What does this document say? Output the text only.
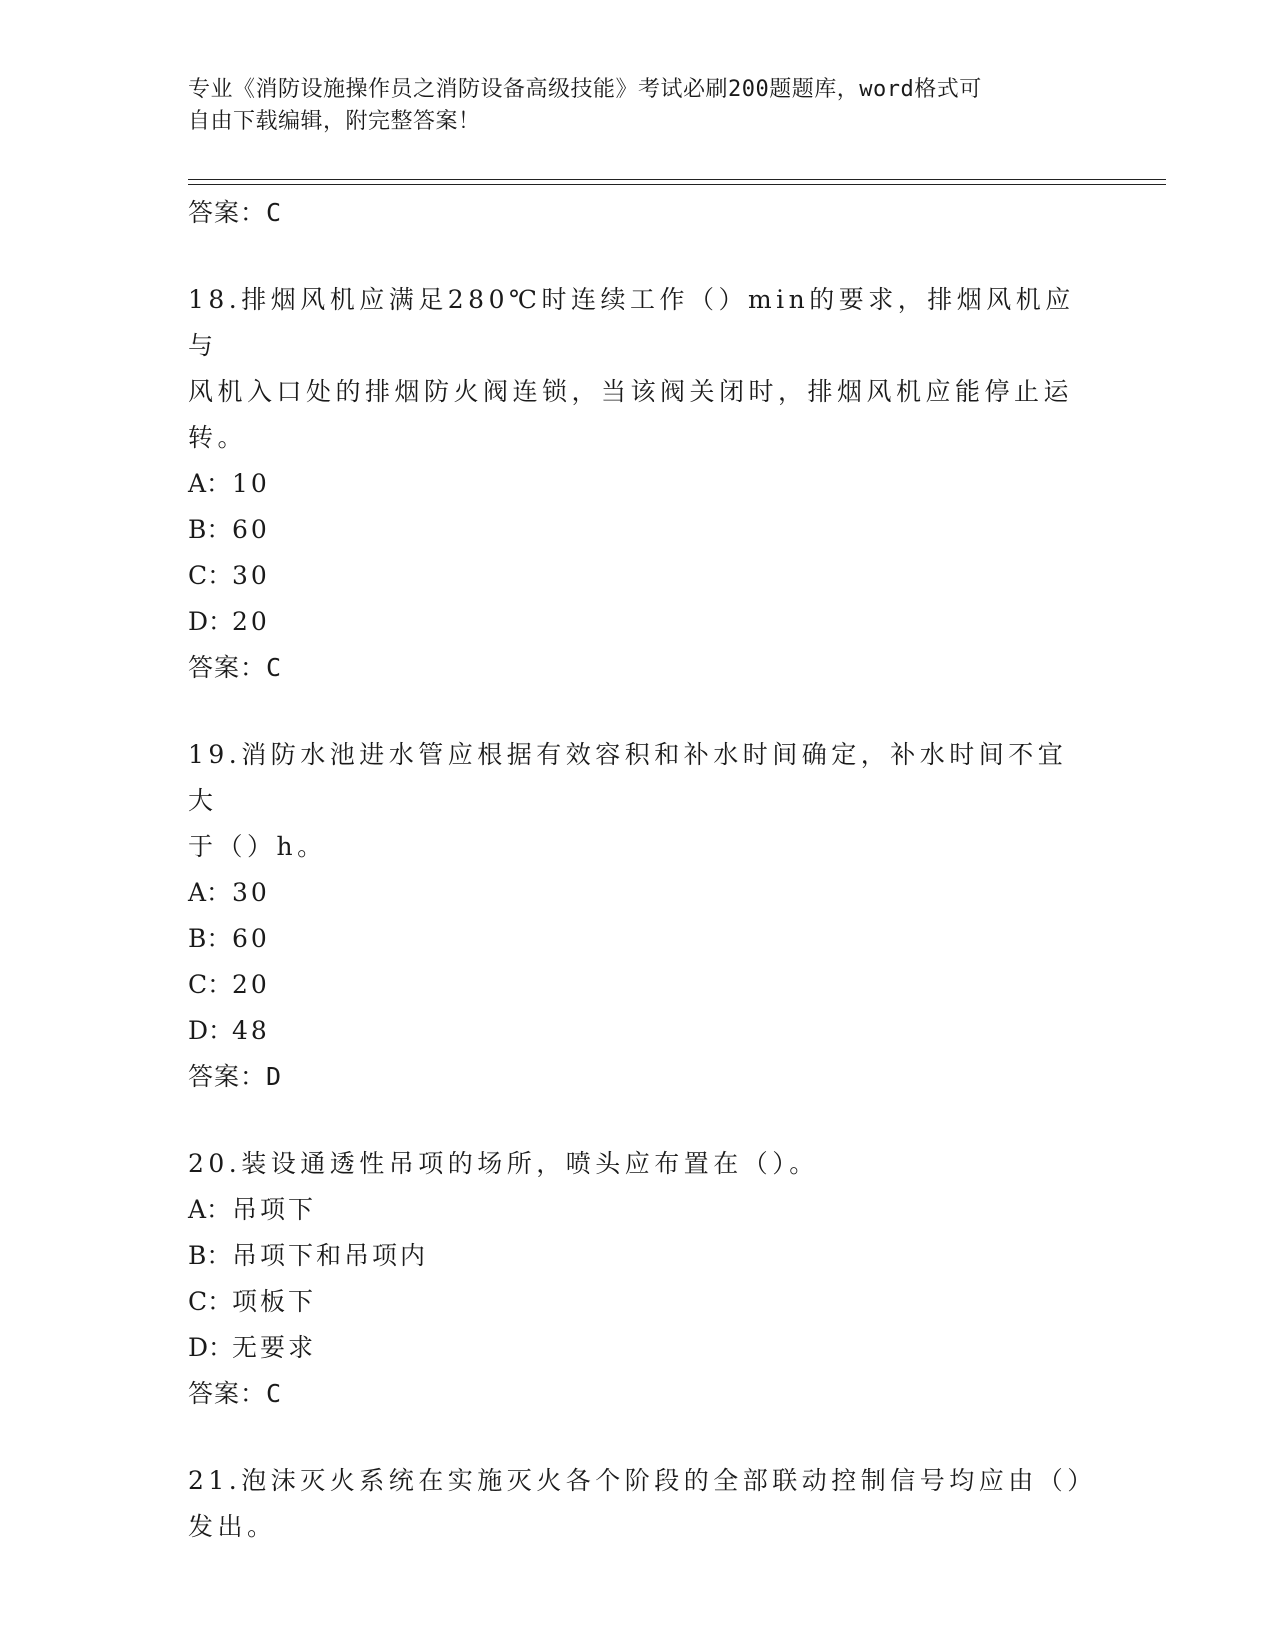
专业《消防设施操作员之消防设备高级技能》考试必刷200题题库，word格式可
自由下载编辑，附完整答案！
答案：C
18.排烟风机应满足280℃时连续工作（）min的要求，排烟风机应与
风机入口处的排烟防火阀连锁，当该阀关闭时，排烟风机应能停止运
转。
A：10
B：60
C：30
D：20
答案：C
19.消防水池进水管应根据有效容积和补水时间确定，补水时间不宜大
于（）h。
A：30
B：60
C：20
D：48
答案：D
20.装设通透性吊项的场所，喷头应布置在（）。
A：吊项下
B：吊项下和吊项内
C：项板下
D：无要求
答案：C
21.泡沫灭火系统在实施灭火各个阶段的全部联动控制信号均应由（）
发出。
